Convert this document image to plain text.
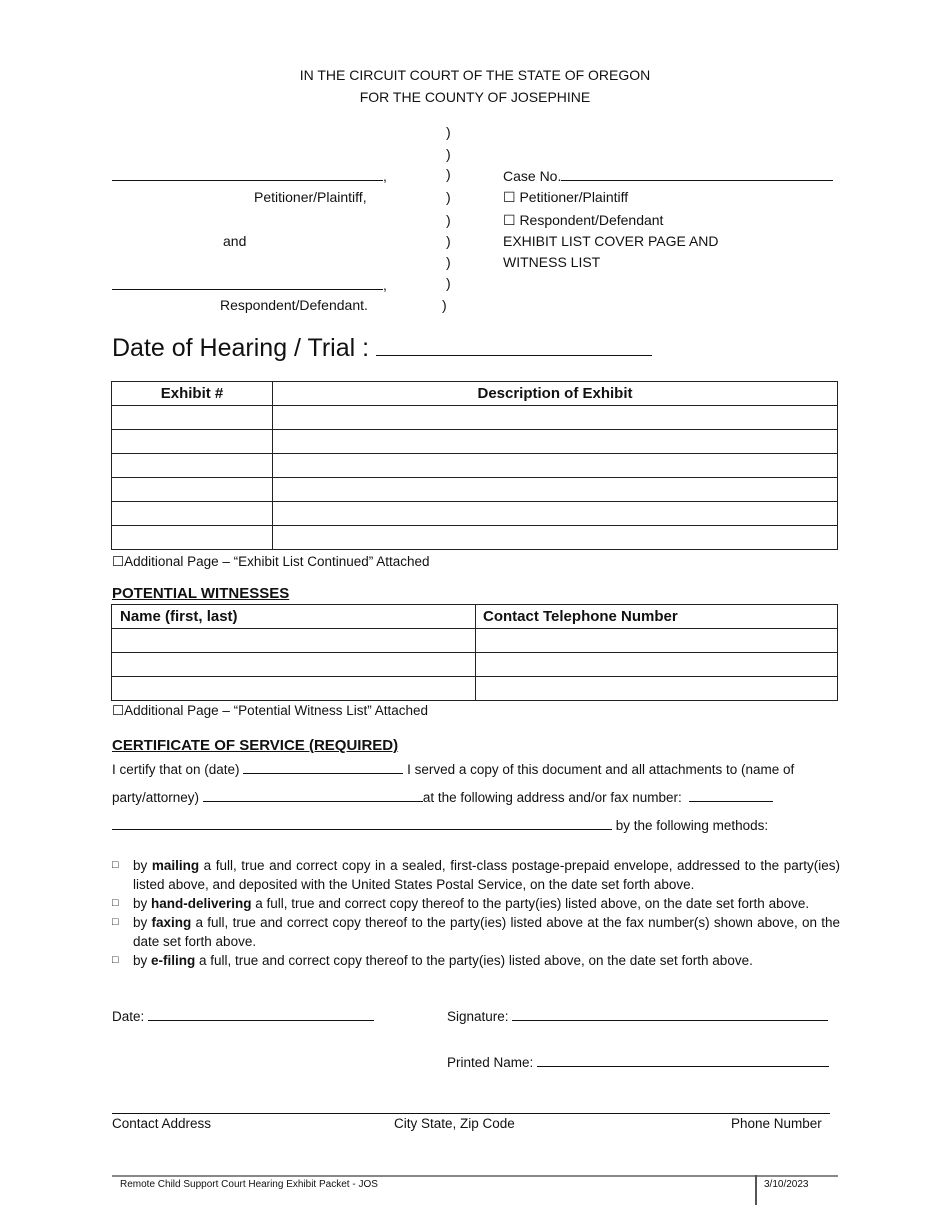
IN THE CIRCUIT COURT OF THE STATE OF OREGON
FOR THE COUNTY OF JOSEPHINE
)
)
)
)
)
)
)
)
)
,
Petitioner/Plaintiff,
and
,
Respondent/Defendant.
Case No.
☐ Petitioner/Plaintiff
☐ Respondent/Defendant
EXHIBIT LIST COVER PAGE AND
WITNESS LIST
Date of Hearing / Trial :
Exhibit #	Description of Exhibit

☐Additional Page – “Exhibit List Continued” Attached
POTENTIAL WITNESSES
Name (first, last)	Contact Telephone Number

☐Additional Page – “Potential Witness List” Attached
CERTIFICATE OF SERVICE (REQUIRED)
I certify that on (date)	I served a copy of this document and all attachments to (name of
party/attorney)	at the following address and/or fax number:
by the following methods:
□ by mailing a full, true and correct copy in a sealed, first-class postage-prepaid envelope, addressed to the party(ies) listed above, and deposited with the United States Postal Service, on the date set forth above.
□ by hand-delivering a full, true and correct copy thereof to the party(ies) listed above, on the date set forth above.
□ by faxing a full, true and correct copy thereof to the party(ies) listed above at the fax number(s) shown above, on the date set forth above.
□ by e-filing a full, true and correct copy thereof to the party(ies) listed above, on the date set forth above.
Date:	Signature:
Printed Name:
Contact Address	City State, Zip Code	Phone Number
Remote Child Support Court Hearing Exhibit Packet - JOS	3/10/2023
